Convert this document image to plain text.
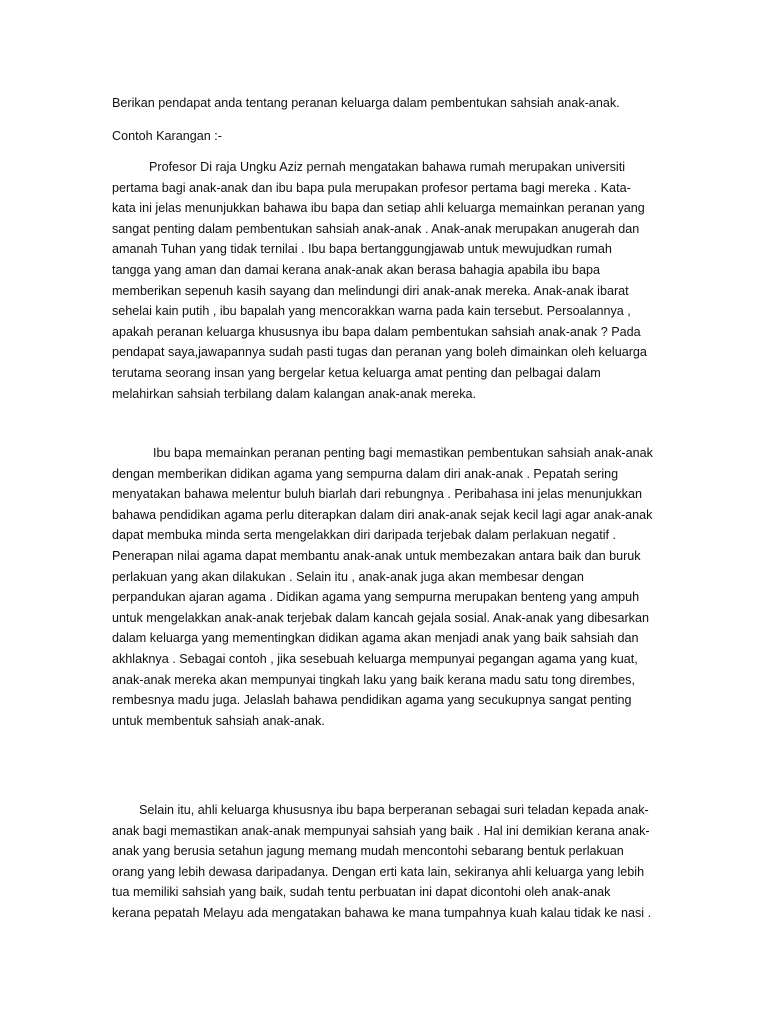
Berikan pendapat anda tentang peranan keluarga dalam pembentukan sahsiah anak-anak.

Contoh Karangan :-

Profesor Di raja Ungku Aziz pernah mengatakan bahawa rumah merupakan universiti
pertama bagi anak-anak dan ibu bapa pula merupakan profesor pertama bagi mereka . Kata-
kata ini jelas menunjukkan bahawa ibu bapa dan setiap ahli keluarga memainkan peranan yang
sangat penting dalam pembentukan sahsiah anak-anak . Anak-anak merupakan anugerah dan
amanah Tuhan yang tidak ternilai . Ibu bapa bertanggungjawab untuk mewujudkan rumah
tangga yang aman dan damai kerana anak-anak akan berasa bahagia apabila ibu bapa
memberikan sepenuh kasih sayang dan melindungi diri anak-anak mereka. Anak-anak ibarat
sehelai kain putih , ibu bapalah yang mencorakkan warna pada kain tersebut. Persoalannya ,
apakah peranan keluarga khususnya ibu bapa dalam pembentukan sahsiah anak-anak ? Pada
pendapat saya,jawapannya sudah pasti tugas dan peranan yang boleh dimainkan oleh keluarga
terutama seorang insan yang bergelar ketua keluarga amat penting dan pelbagai dalam
melahirkan sahsiah terbilang dalam kalangan anak-anak mereka.

Ibu bapa memainkan peranan penting bagi memastikan pembentukan sahsiah anak-anak
dengan memberikan didikan agama yang sempurna dalam diri anak-anak . Pepatah sering
menyatakan bahawa melentur buluh biarlah dari rebungnya . Peribahasa ini jelas menunjukkan
bahawa pendidikan agama perlu diterapkan dalam diri anak-anak sejak kecil lagi agar anak-anak
dapat membuka minda serta mengelakkan diri daripada terjebak dalam perlakuan negatif .
Penerapan nilai agama dapat membantu anak-anak untuk membezakan antara baik dan buruk
perlakuan yang akan dilakukan . Selain itu , anak-anak juga akan membesar dengan
perpandukan ajaran agama . Didikan agama yang sempurna merupakan benteng yang ampuh
untuk mengelakkan anak-anak terjebak dalam kancah gejala sosial. Anak-anak yang dibesarkan
dalam keluarga yang mementingkan didikan agama akan menjadi anak yang baik sahsiah dan
akhlaknya . Sebagai contoh , jika sesebuah keluarga mempunyai pegangan agama yang kuat,
anak-anak mereka akan mempunyai tingkah laku yang baik kerana madu satu tong dirembes,
rembesnya madu juga. Jelaslah bahawa pendidikan agama yang secukupnya sangat penting
untuk membentuk sahsiah anak-anak.

Selain itu, ahli keluarga khususnya ibu bapa berperanan sebagai suri teladan kepada anak-
anak bagi memastikan anak-anak mempunyai sahsiah yang baik . Hal ini demikian kerana anak-
anak yang berusia setahun jagung memang mudah mencontohi sebarang bentuk perlakuan
orang yang lebih dewasa daripadanya. Dengan erti kata lain, sekiranya ahli keluarga yang lebih
tua memiliki sahsiah yang baik, sudah tentu perbuatan ini dapat dicontohi oleh anak-anak
kerana pepatah Melayu ada mengatakan bahawa ke mana tumpahnya kuah kalau tidak ke nasi .
